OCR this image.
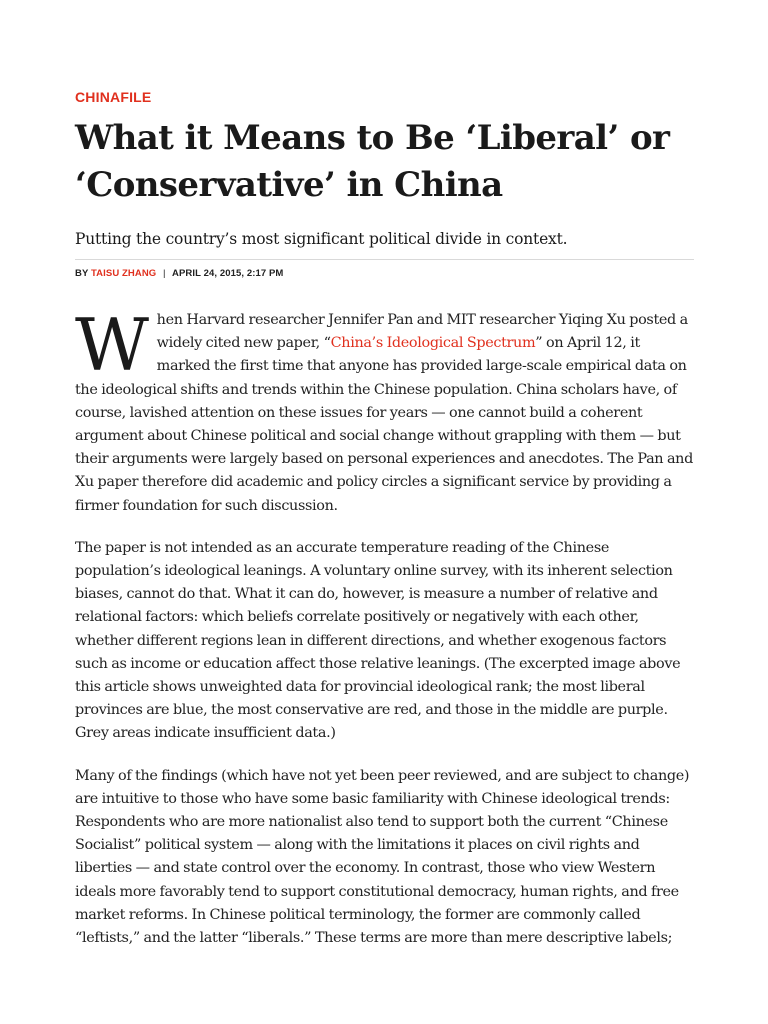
CHINAFILE
What it Means to Be ‘Liberal’ or ‘Conservative’ in China

Putting the country’s most significant political divide in context.

BY TAISU ZHANG | APRIL 24, 2015, 2:17 PM

When Harvard researcher Jennifer Pan and MIT researcher Yiqing Xu posted a widely cited new paper, “China’s Ideological Spectrum” on April 12, it marked the first time that anyone has provided large-scale empirical data on the ideological shifts and trends within the Chinese population. China scholars have, of course, lavished attention on these issues for years — one cannot build a coherent argument about Chinese political and social change without grappling with them — but their arguments were largely based on personal experiences and anecdotes. The Pan and Xu paper therefore did academic and policy circles a significant service by providing a firmer foundation for such discussion.

The paper is not intended as an accurate temperature reading of the Chinese population’s ideological leanings. A voluntary online survey, with its inherent selection biases, cannot do that. What it can do, however, is measure a number of relative and relational factors: which beliefs correlate positively or negatively with each other, whether different regions lean in different directions, and whether exogenous factors such as income or education affect those relative leanings. (The excerpted image above this article shows unweighted data for provincial ideological rank; the most liberal provinces are blue, the most conservative are red, and those in the middle are purple. Grey areas indicate insufficient data.)

Many of the findings (which have not yet been peer reviewed, and are subject to change) are intuitive to those who have some basic familiarity with Chinese ideological trends: Respondents who are more nationalist also tend to support both the current “Chinese Socialist” political system — along with the limitations it places on civil rights and liberties — and state control over the economy. In contrast, those who view Western ideals more favorably tend to support constitutional democracy, human rights, and free market reforms. In Chinese political terminology, the former are commonly called “leftists,” and the latter “liberals.” These terms are more than mere descriptive labels;
